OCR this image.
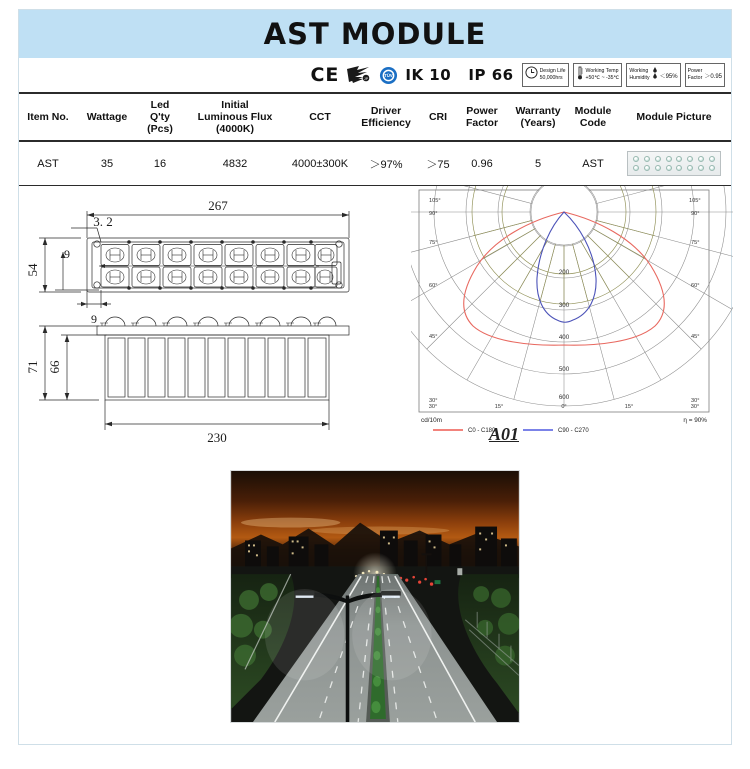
AST MODULE
CE	JP
TÜV IK 10 IP 66	Design Life
50,000hrs
Working Temp
+50℃ ~ -35℃
Working
Humidity ＜95%
Power
Factor ＞0.95
Item No.	Wattage	Led
Q'ty
(Pcs)	Initial
Luminous Flux
(4000K)	CCT	Driver
Efficiency	CRI	Power
Factor	Warranty
(Years)	Module
Code	Module Picture
AST	35	16	4832	4000±300K	＞97%	＞75	0.96	5	AST	
267
3. 2
54
9
9
71 66
230
200
300
400
500
600
105°
90°
75°
60°
45°
30°
105°
90°
75°
60°
45°
30°
30°	15°	0°	15°	30°
cd/10m	η = 90%
C0 - C180	C90 - C270
A01
